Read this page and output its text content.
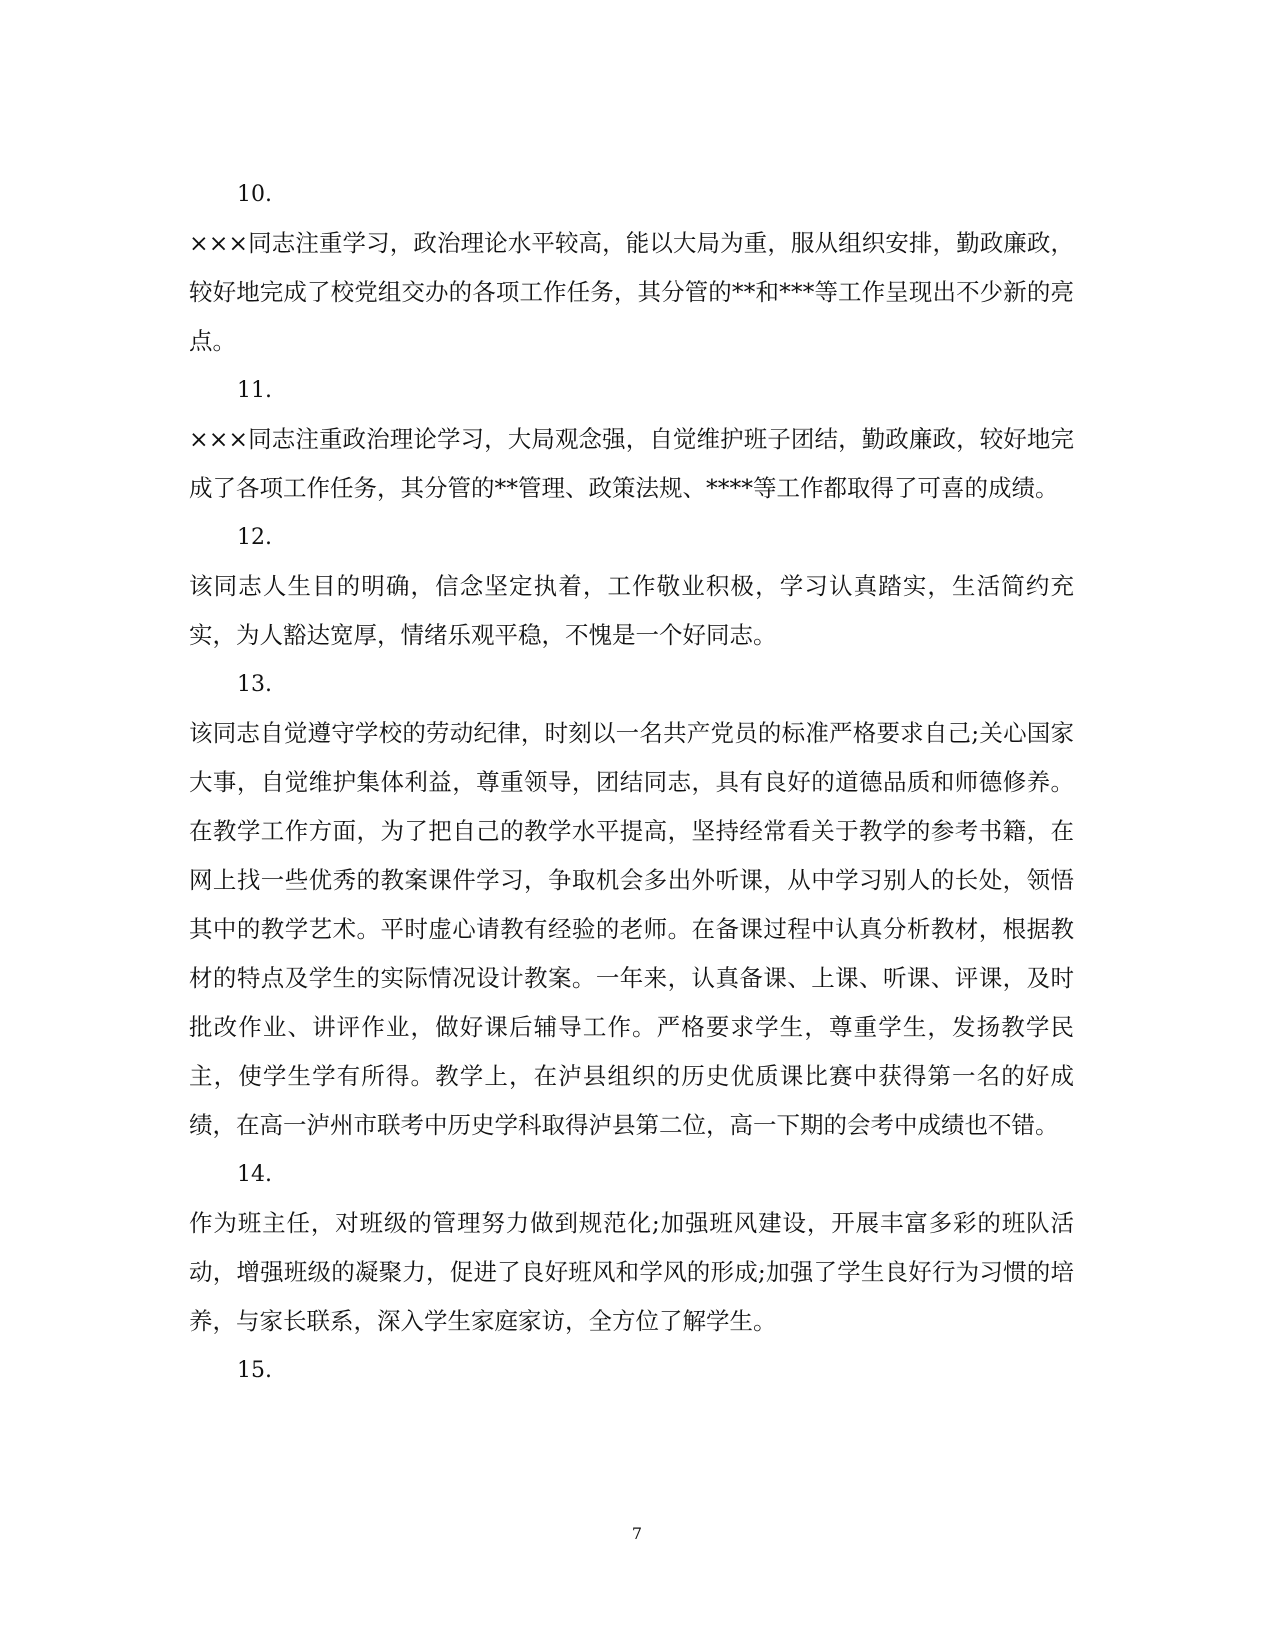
10.

×××同志注重学习，政治理论水平较高，能以大局为重，服从组织安排，勤政廉政，较好地完成了校党组交办的各项工作任务，其分管的**和***等工作呈现出不少新的亮点。

11.

×××同志注重政治理论学习，大局观念强，自觉维护班子团结，勤政廉政，较好地完成了各项工作任务，其分管的**管理、政策法规、****等工作都取得了可喜的成绩。

12.

该同志人生目的明确，信念坚定执着，工作敬业积极，学习认真踏实，生活简约充实，为人豁达宽厚，情绪乐观平稳，不愧是一个好同志。

13.

该同志自觉遵守学校的劳动纪律，时刻以一名共产党员的标准严格要求自己;关心国家大事，自觉维护集体利益，尊重领导，团结同志，具有良好的道德品质和师德修养。在教学工作方面，为了把自己的教学水平提高，坚持经常看关于教学的参考书籍，在网上找一些优秀的教案课件学习，争取机会多出外听课，从中学习别人的长处，领悟其中的教学艺术。平时虚心请教有经验的老师。在备课过程中认真分析教材，根据教材的特点及学生的实际情况设计教案。一年来，认真备课、上课、听课、评课，及时批改作业、讲评作业，做好课后辅导工作。严格要求学生，尊重学生，发扬教学民主，使学生学有所得。教学上，在泸县组织的历史优质课比赛中获得第一名的好成绩，在高一泸州市联考中历史学科取得泸县第二位，高一下期的会考中成绩也不错。

14.

作为班主任，对班级的管理努力做到规范化;加强班风建设，开展丰富多彩的班队活动，增强班级的凝聚力，促进了良好班风和学风的形成;加强了学生良好行为习惯的培养，与家长联系，深入学生家庭家访，全方位了解学生。

15.
7
